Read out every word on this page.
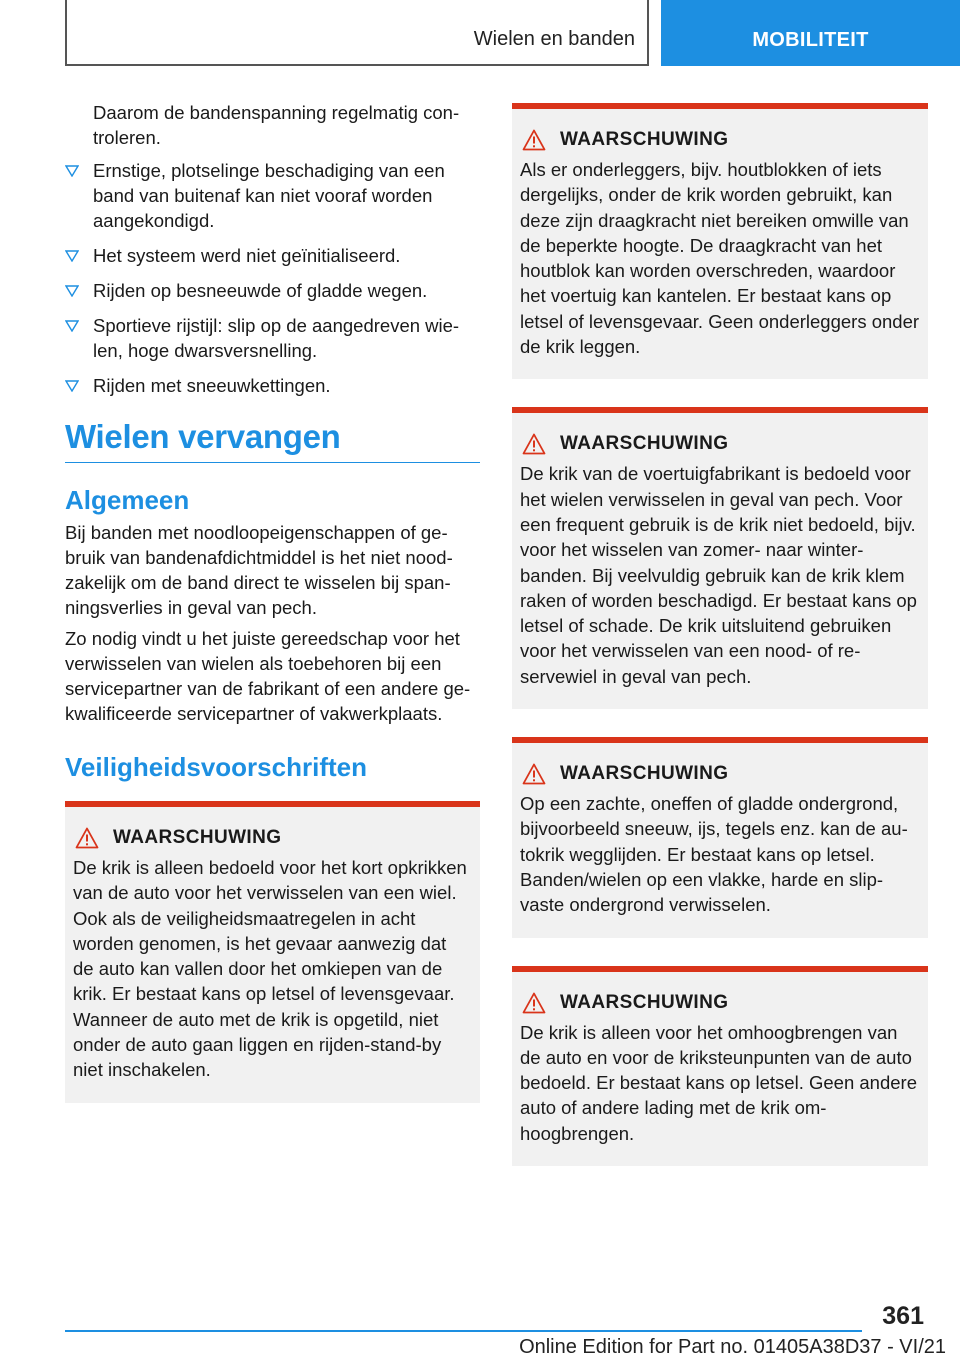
Wielen en banden	MOBILITEIT

Daarom de bandenspanning regelmatig controleren.

Ernstige, plotselinge beschadiging van een band van buitenaf kan niet vooraf worden aangekondigd.
Het systeem werd niet geïnitialiseerd.
Rijden op besneeuwde of gladde wegen.
Sportieve rijstijl: slip op de aangedreven wielen, hoge dwarsversnelling.
Rijden met sneeuwkettingen.
Wielen vervangen
Algemeen

Bij banden met noodloopeigenschappen of gebruik van bandenafdichtmiddel is het niet noodzakelijk om de band direct te wisselen bij spanningsverlies in geval van pech.

Zo nodig vindt u het juiste gereedschap voor het verwisselen van wielen als toebehoren bij een servicepartner van de fabrikant of een andere gekwalificeerde servicepartner of vakwerkplaats.

Veiligheidsvoorschriften
WAARSCHUWING
De krik is alleen bedoeld voor het kort opkrikken van de auto voor het verwisselen van een wiel. Ook als de veiligheidsmaatregelen in acht worden genomen, is het gevaar aanwezig dat de auto kan vallen door het omkiepen van de krik. Er bestaat kans op letsel of levensgevaar. Wanneer de auto met de krik is opgetild, niet onder de auto gaan liggen en rijden-stand-by niet inschakelen.
WAARSCHUWING
Als er onderleggers, bijv. houtblokken of iets dergelijks, onder de krik worden gebruikt, kan deze zijn draagkracht niet bereiken omwille van de beperkte hoogte. De draagkracht van het houtblok kan worden overschreden, waardoor het voertuig kan kantelen. Er bestaat kans op letsel of levensgevaar. Geen onderleggers onder de krik leggen.
WAARSCHUWING
De krik van de voertuigfabrikant is bedoeld voor het wielen verwisselen in geval van pech. Voor een frequent gebruik is de krik niet bedoeld, bijv. voor het wisselen van zomer- naar winterbanden. Bij veelvuldig gebruik kan de krik klem raken of worden beschadigd. Er bestaat kans op letsel of schade. De krik uitsluitend gebruiken voor het verwisselen van een nood- of reservewiel in geval van pech.
WAARSCHUWING
Op een zachte, oneffen of gladde ondergrond, bijvoorbeeld sneeuw, ijs, tegels enz. kan de autokrik wegglijden. Er bestaat kans op letsel. Banden/wielen op een vlakke, harde en slipvaste ondergrond verwisselen.
WAARSCHUWING
De krik is alleen voor het omhoogbrengen van de auto en voor de kriksteunpunten van de auto bedoeld. Er bestaat kans op letsel. Geen andere auto of andere lading met de krik omhoogbrengen.
361
Online Edition for Part no. 01405A38D37 - VI/21
